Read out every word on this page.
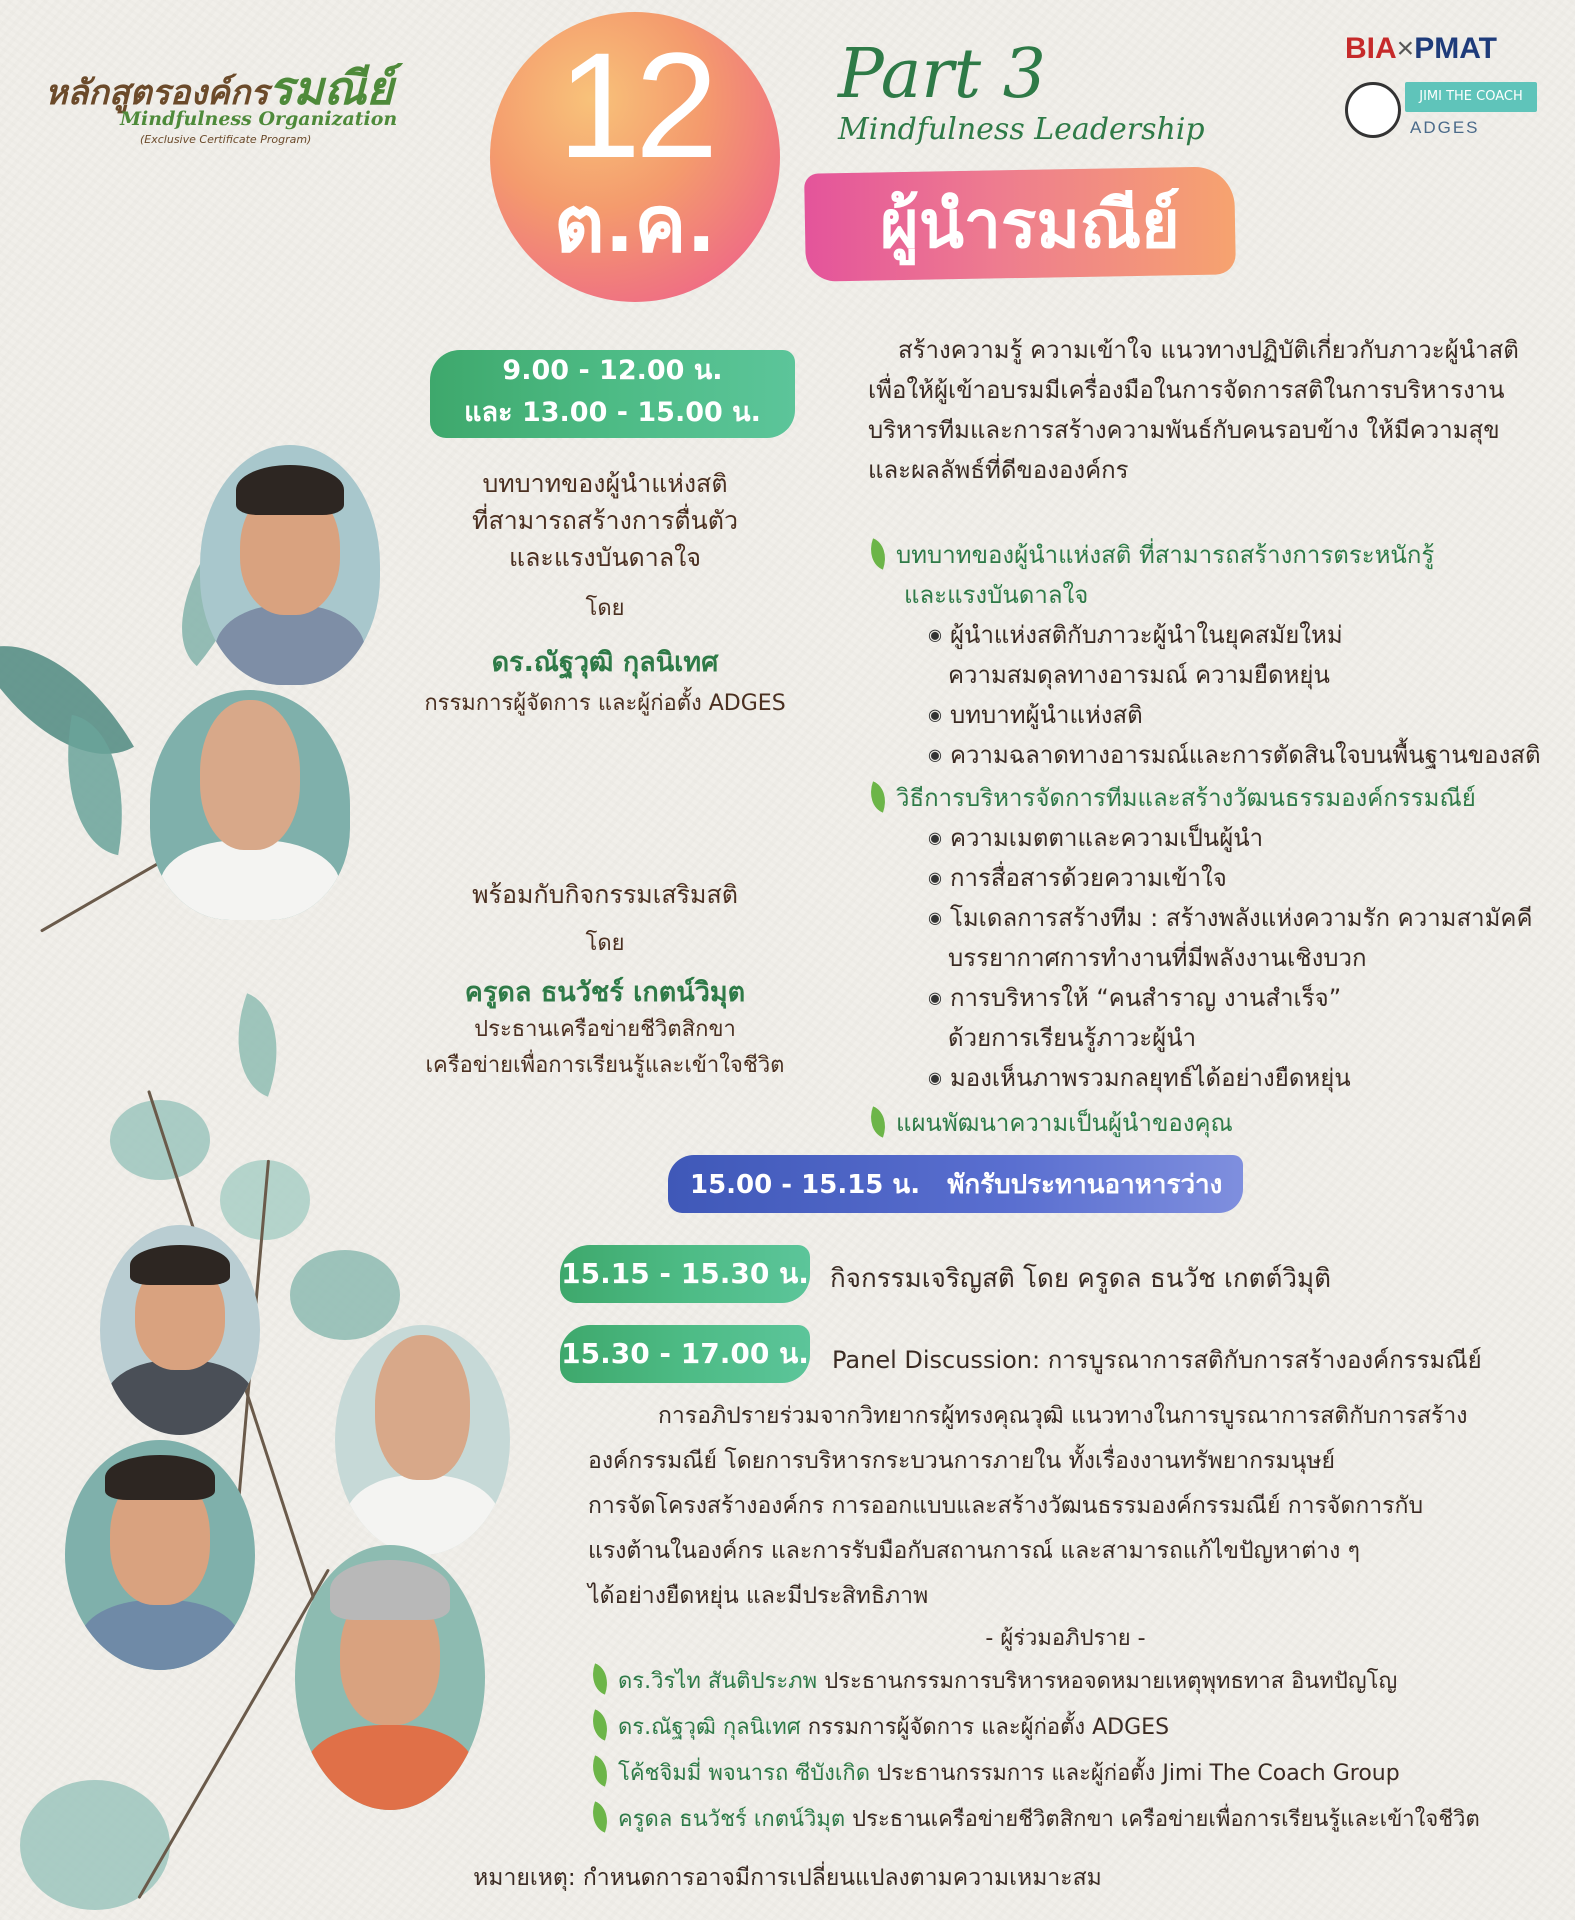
หลักสูตรองค์กรรมณีย์
Mindfulness Organization
(Exclusive Certificate Program)	12
ต.ค.
Part 3
Mindfulness Leadership
ผู้นำรมณีย์
BIA×PMAT
JIMI THE COACH
ADGES
9.00 - 12.00 น.
และ 13.00 - 15.00 น.
บทบาทของผู้นำแห่งสติ
ที่สามารถสร้างการตื่นตัว
และแรงบันดาลใจ
โดย
ดร.ณัฐวุฒิ กุลนิเทศ
กรรมการผู้จัดการ และผู้ก่อตั้ง ADGES
พร้อมกับกิจกรรมเสริมสติ
โดย
ครูดล ธนวัชร์ เกตน์วิมุต
ประธานเครือข่ายชีวิตสิกขา
เครือข่ายเพื่อการเรียนรู้และเข้าใจชีวิต
สร้างความรู้ ความเข้าใจ แนวทางปฏิบัติเกี่ยวกับภาวะผู้นำสติ
เพื่อให้ผู้เข้าอบรมมีเครื่องมือในการจัดการสติในการบริหารงาน
บริหารทีมและการสร้างความพันธ์กับคนรอบข้าง ให้มีความสุข
และผลลัพธ์ที่ดีขององค์กร
บทบาทของผู้นำแห่งสติ ที่สามารถสร้างการตระหนักรู้
และแรงบันดาลใจ
◉ ผู้นำแห่งสติกับภาวะผู้นำในยุคสมัยใหม่
ความสมดุลทางอารมณ์ ความยืดหยุ่น
◉ บทบาทผู้นำแห่งสติ
◉ ความฉลาดทางอารมณ์และการตัดสินใจบนพื้นฐานของสติ
วิธีการบริหารจัดการทีมและสร้างวัฒนธรรมองค์กรรมณีย์
◉ ความเมตตาและความเป็นผู้นำ
◉ การสื่อสารด้วยความเข้าใจ
◉ โมเดลการสร้างทีม : สร้างพลังแห่งความรัก ความสามัคคี
บรรยากาศการทำงานที่มีพลังงานเชิงบวก
◉ การบริหารให้ “คนสำราญ งานสำเร็จ”
ด้วยการเรียนรู้ภาวะผู้นำ
◉ มองเห็นภาพรวมกลยุทธ์ได้อย่างยืดหยุ่น
แผนพัฒนาความเป็นผู้นำของคุณ
15.00 - 15.15 น. พักรับประทานอาหารว่าง
15.15 - 15.30 น. กิจกรรมเจริญสติ โดย ครูดล ธนวัช เกตต์วิมุติ
15.30 - 17.00 น. Panel Discussion: การบูรณาการสติกับการสร้างองค์กรรมณีย์
การอภิปรายร่วมจากวิทยากรผู้ทรงคุณวุฒิ แนวทางในการบูรณาการสติกับการสร้าง
องค์กรรมณีย์ โดยการบริหารกระบวนการภายใน ทั้งเรื่องงานทรัพยากรมนุษย์
การจัดโครงสร้างองค์กร การออกแบบและสร้างวัฒนธรรมองค์กรรมณีย์ การจัดการกับ
แรงต้านในองค์กร และการรับมือกับสถานการณ์ และสามารถแก้ไขปัญหาต่าง ๆ
ได้อย่างยืดหยุ่น และมีประสิทธิภาพ
- ผู้ร่วมอภิปราย -
ดร.วิรไท สันติประภพ ประธานกรรมการบริหารหอจดหมายเหตุพุทธทาส อินทปัญโญ
ดร.ณัฐวุฒิ กุลนิเทศ กรรมการผู้จัดการ และผู้ก่อตั้ง ADGES
โค้ชจิมมี่ พจนารถ ซีบังเกิด ประธานกรรมการ และผู้ก่อตั้ง Jimi The Coach Group
ครูดล ธนวัชร์ เกตน์วิมุต ประธานเครือข่ายชีวิตสิกขา เครือข่ายเพื่อการเรียนรู้และเข้าใจชีวิต
หมายเหตุ: กำหนดการอาจมีการเปลี่ยนแปลงตามความเหมาะสม
